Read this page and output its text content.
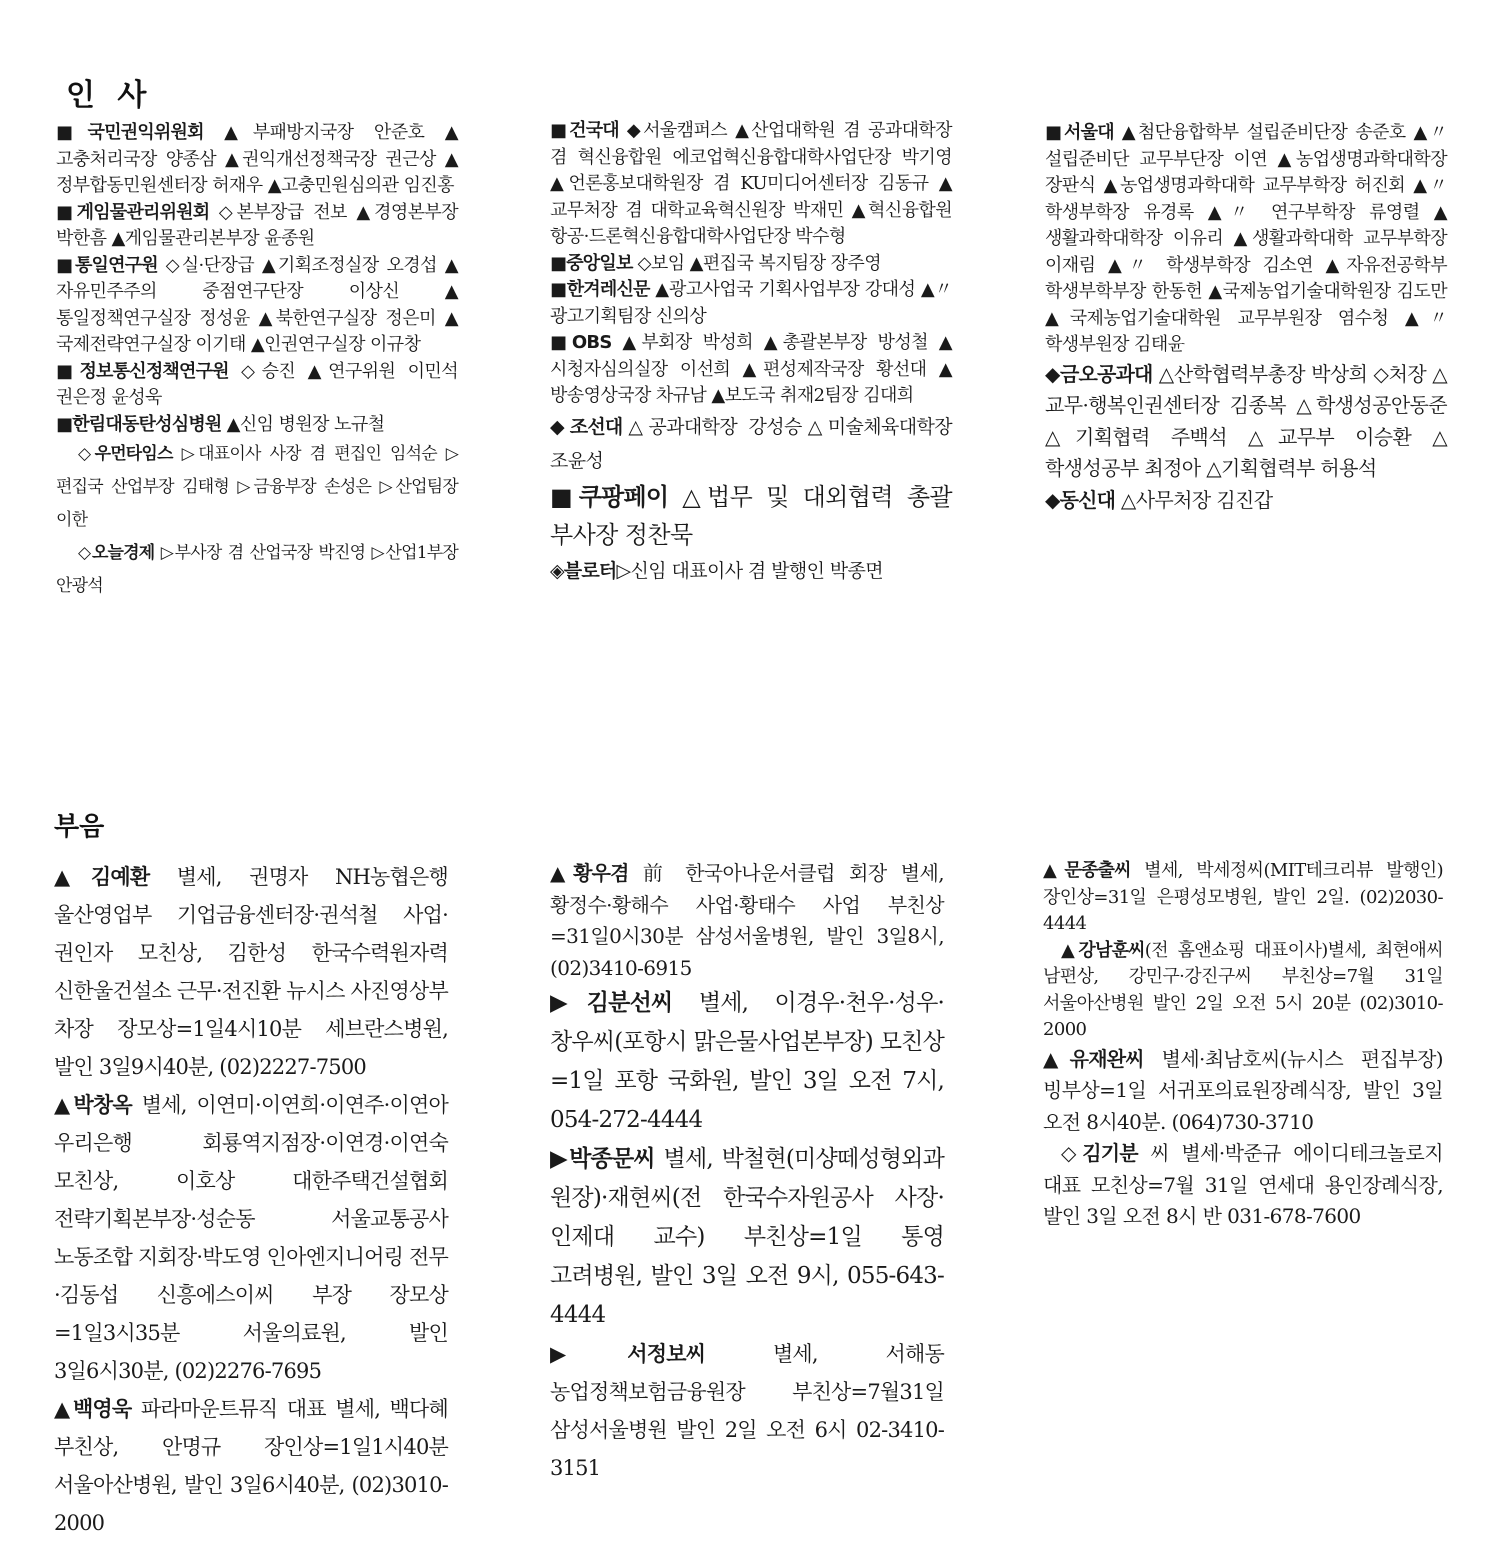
인 사

■국민권익위원회 ▲부패방지국장 안준호 ▲고충처리국장 양종삼 ▲권익개선정책국장 권근상 ▲정부합동민원센터장 허재우 ▲고충민원심의관 임진홍

■게임물관리위원회 ◇본부장급 전보 ▲경영본부장 박한흠 ▲게임물관리본부장 윤종원

■통일연구원 ◇실·단장급 ▲기획조정실장 오경섭 ▲자유민주주의 중점연구단장 이상신 ▲통일정책연구실장 정성윤 ▲북한연구실장 정은미 ▲국제전략연구실장 이기태 ▲인권연구실장 이규창

■정보통신정책연구원 ◇승진 ▲연구위원 이민석 권은정 윤성욱

■한림대동탄성심병원 ▲신임 병원장 노규철

◇우먼타임스 ▷대표이사 사장 겸 편집인 임석순 ▷편집국 산업부장 김태형 ▷금융부장 손성은 ▷산업팀장 이한

◇오늘경제 ▷부사장 겸 산업국장 박진영 ▷산업1부장 안광석

■건국대 ◆서울캠퍼스 ▲산업대학원 겸 공과대학장 겸 혁신융합원 에코업혁신융합대학사업단장 박기영 ▲언론홍보대학원장 겸 KU미디어센터장 김동규 ▲교무처장 겸 대학교육혁신원장 박재민 ▲혁신융합원 항공·드론혁신융합대학사업단장 박수형

■중앙일보 ◇보임 ▲편집국 복지팀장 장주영

■한겨레신문 ▲광고사업국 기획사업부장 강대성 ▲〃 광고기획팀장 신의상

■OBS ▲부회장 박성희 ▲총괄본부장 방성철 ▲시청자심의실장 이선희 ▲편성제작국장 황선대 ▲방송영상국장 차규남 ▲보도국 취재2팀장 김대희

◆조선대△공과대학장 강성승△미술체육대학장 조윤성

■쿠팡페이 △법무 및 대외협력 총괄 부사장 정찬묵

◈블로터▷신임 대표이사 겸 발행인 박종면

■서울대 ▲첨단융합학부 설립준비단장 송준호 ▲〃 설립준비단 교무부단장 이연 ▲농업생명과학대학장 장판식 ▲농업생명과학대학 교무부학장 허진회 ▲〃 학생부학장 유경록 ▲〃 연구부학장 류영렬 ▲생활과학대학장 이유리 ▲생활과학대학 교무부학장 이재림 ▲〃 학생부학장 김소연 ▲자유전공학부 학생부학부장 한동헌 ▲국제농업기술대학원장 김도만 ▲국제농업기술대학원 교무부원장 염수청 ▲〃 학생부원장 김태윤

◆금오공과대 △산학협력부총장 박상희 ◇처장 △교무·행복인권센터장 김종복 △학생성공안동준 △기획협력 주백석 △교무부 이승환 △학생성공부 최정아 △기획협력부 허용석

◆동신대 △사무처장 김진갑

부음

▲김예환 별세, 권명자 NH농협은행 울산영업부 기업금융센터장·권석철 사업·권인자 모친상, 김한성 한국수력원자력 신한울건설소 근무·전진환 뉴시스 사진영상부 차장 장모상=1일4시10분 세브란스병원, 발인 3일9시40분, (02)2227-7500

▲박창옥 별세, 이연미·이연희·이연주·이연아 우리은행 회룡역지점장·이연경·이연숙 모친상, 이호상 대한주택건설협회 전략기획본부장·성순동 서울교통공사 노동조합 지회장·박도영 인아엔지니어링 전무·김동섭 신흥에스이씨 부장 장모상=1일3시35분 서울의료원, 발인 3일6시30분, (02)2276-7695

▲백영욱 파라마운트뮤직 대표 별세, 백다혜 부친상, 안명규 장인상=1일1시40분 서울아산병원, 발인 3일6시40분, (02)3010-2000

▲황우겸 前 한국아나운서클럽 회장 별세, 황정수·황해수 사업·황태수 사업 부친상=31일0시30분 삼성서울병원, 발인 3일8시, (02)3410-6915

▶김분선씨 별세, 이경우·천우·성우·창우씨(포항시 맑은물사업본부장) 모친상=1일 포항 국화원, 발인 3일 오전 7시, 054-272-4444

▶박종문씨 별세, 박철현(미샹떼성형외과 원장)·재현씨(전 한국수자원공사 사장·인제대 교수) 부친상=1일 통영 고려병원, 발인 3일 오전 9시, 055-643-4444

▶서정보씨 별세, 서해동 농업정책보험금융원장 부친상=7월31일 삼성서울병원 발인 2일 오전 6시 02-3410-3151

▲문종출씨 별세, 박세정씨(MIT테크리뷰 발행인) 장인상=31일 은평성모병원, 발인 2일. (02)2030-4444

▲강남훈씨(전 홈앤쇼핑 대표이사)별세, 최현애씨 남편상, 강민구·강진구씨 부친상=7월 31일 서울아산병원 발인 2일 오전 5시 20분 (02)3010-2000

▲유재완씨 별세·최남호씨(뉴시스 편집부장) 빙부상=1일 서귀포의료원장례식장, 발인 3일 오전 8시40분. (064)730-3710

◇김기분 씨 별세·박준규 에이디테크놀로지 대표 모친상=7월 31일 연세대 용인장례식장, 발인 3일 오전 8시 반 031-678-7600
